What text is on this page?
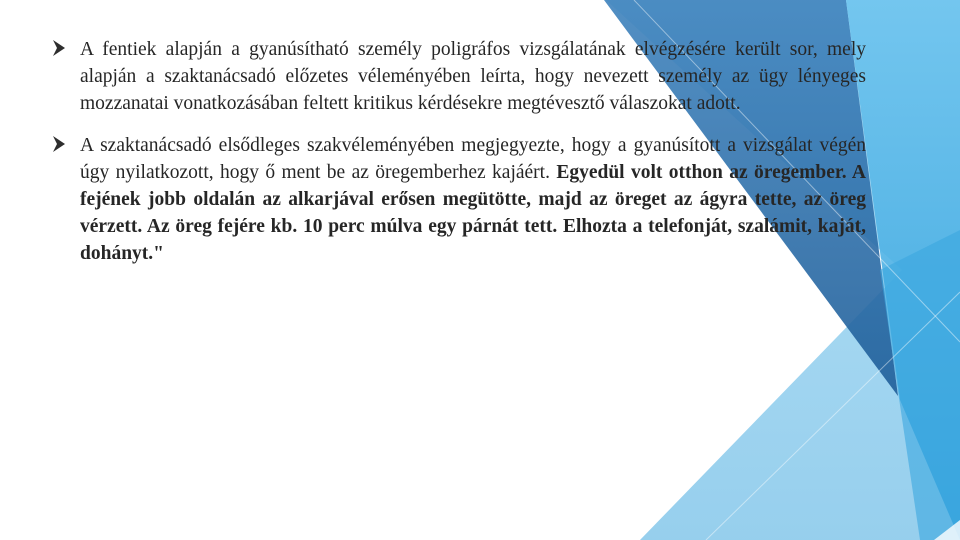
A fentiek alapján a gyanúsítható személy poligráfos vizsgálatának elvégzésére került sor, mely alapján a szaktanácsadó előzetes véleményében leírta, hogy nevezett személy az ügy lényeges mozzanatai vonatkozásában feltett kritikus kérdésekre megtévesztő válaszokat adott.
A szaktanácsadó elsődleges szakvéleményében megjegyezte, hogy a gyanúsított a vizsgálat végén úgy nyilatkozott, hogy ő ment be az öregemberhez kajáért. Egyedül volt otthon az öregember. A fejének jobb oldalán az alkarjával erősen megütötte, majd az öreget az ágyra tette, az öreg vérzett. Az öreg fejére kb. 10 perc múlva egy párnát tett. Elhozta a telefonját, szalámit, kaját, dohányt."
